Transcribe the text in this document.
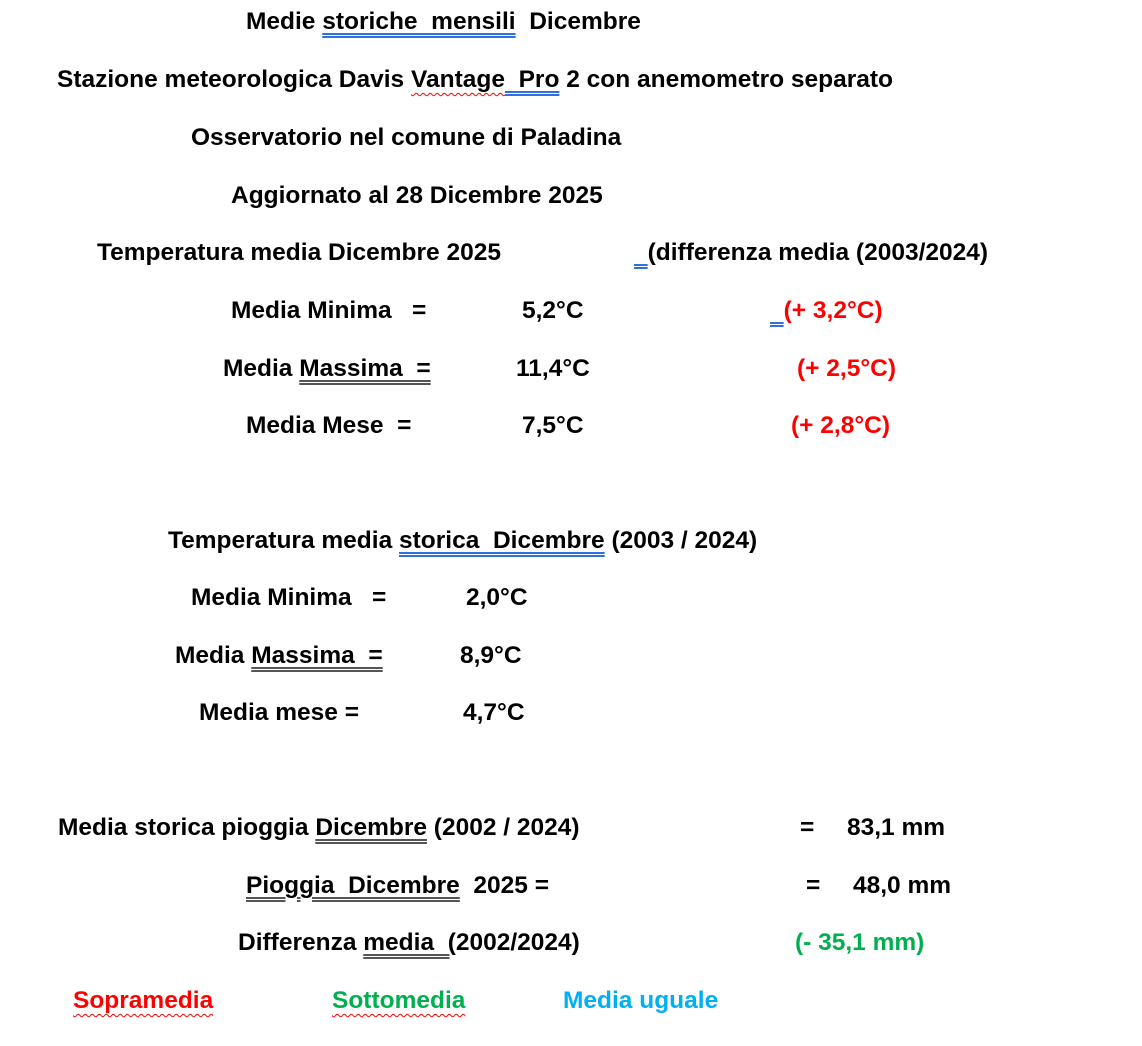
Medie storiche  mensili  Dicembre
Stazione meteorologica Davis Vantage  Pro 2 con anemometro separato
Osservatorio nel comune di Paladina
Aggiornato al 28 Dicembre 2025
Temperatura media Dicembre 2025	(differenza media (2003/2024)
Media Minima   =	5,2°C	(+ 3,2°C)
Media Massima  =	11,4°C	(+ 2,5°C)
Media Mese  =	7,5°C	(+ 2,8°C)
Temperatura media storica  Dicembre (2003 / 2024)
Media Minima   =	2,0°C
Media Massima  =	8,9°C
Media mese =	4,7°C
Media storica pioggia Dicembre (2002 / 2024)	= 83,1 mm
Pioggia  Dicembre  2025 =	= 48,0 mm
Differenza media  (2002/2024)	(- 35,1 mm)
Sopramedia	Sottomedia	Media uguale
